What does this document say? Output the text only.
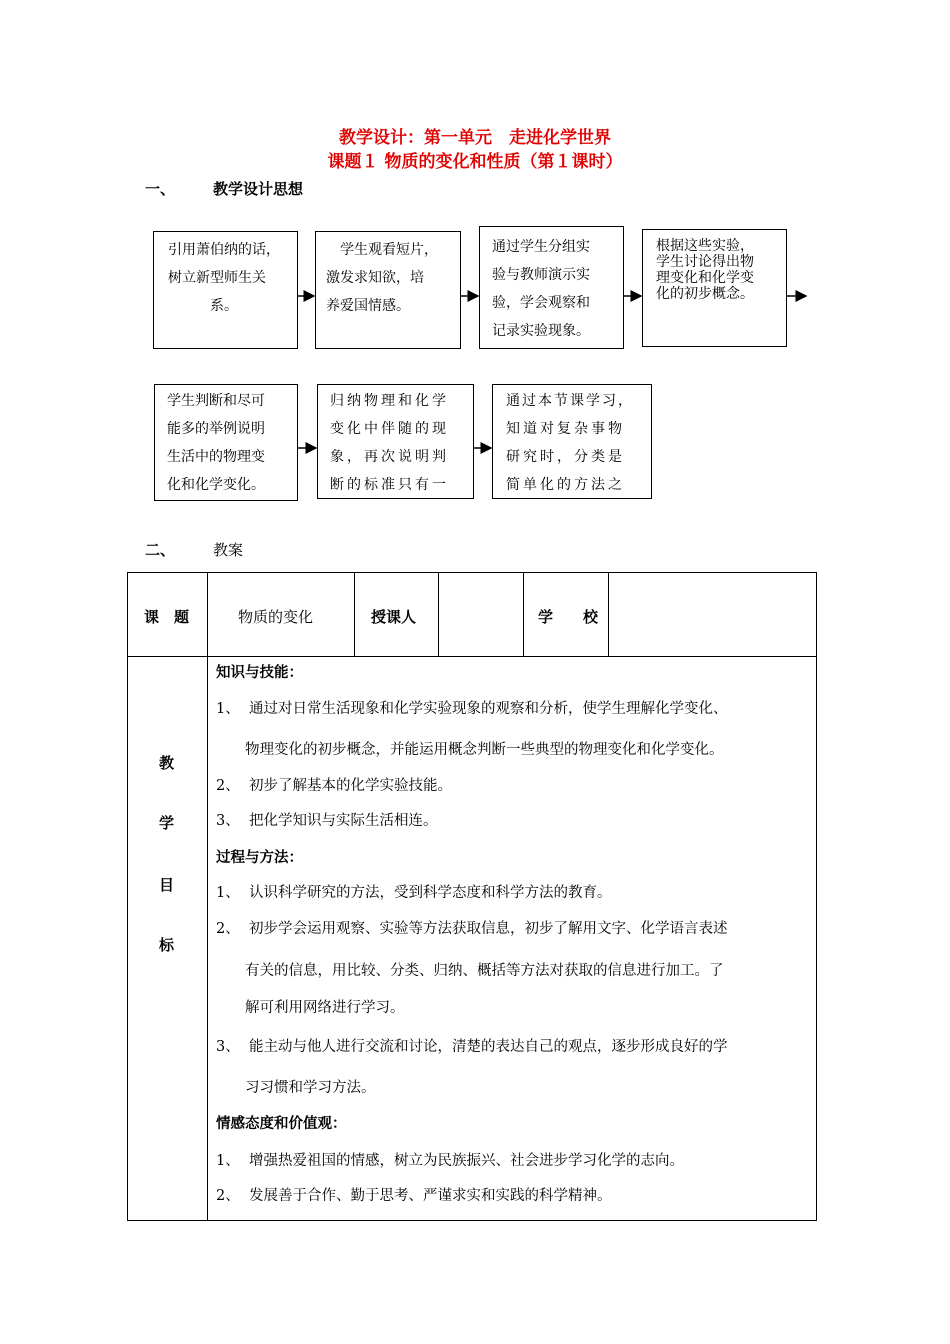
教学设计：第一单元　走进化学世界
课题１ 物质的变化和性质（第１课时）
一、	教学设计思想
引用萧伯纳的话，
树立新型师生关
系。
　学生观看短片，
激发求知欲，培
养爱国情感。
通过学生分组实
验与教师演示实
验，学会观察和
记录实验现象。
根据这些实验，
学生讨论得出物
理变化和化学变
化的初步概念。
学生判断和尽可
能多的举例说明
生活中的物理变
化和化学变化。
归纳物理和化学
变化中伴随的现
象，再次说明判
断的标准只有一
通过本节课学习，
知道对复杂事物
研究时，分类是
简单化的方法之
二、	教案
课　题	物质的变化	授课人	学　　校
教
学
目
标
知识与技能：
1、  通过对日常生活现象和化学实验现象的观察和分析，使学生理解化学变化、
物理变化的初步概念，并能运用概念判断一些典型的物理变化和化学变化。
2、  初步了解基本的化学实验技能。
3、  把化学知识与实际生活相连。
过程与方法：
1、  认识科学研究的方法，受到科学态度和科学方法的教育。
2、  初步学会运用观察、实验等方法获取信息，初步了解用文字、化学语言表述
有关的信息，用比较、分类、归纳、概括等方法对获取的信息进行加工。了
解可利用网络进行学习。
3、  能主动与他人进行交流和讨论，清楚的表达自己的观点，逐步形成良好的学
习习惯和学习方法。
情感态度和价值观：
1、  增强热爱祖国的情感，树立为民族振兴、社会进步学习化学的志向。
2、  发展善于合作、勤于思考、严谨求实和实践的科学精神。
